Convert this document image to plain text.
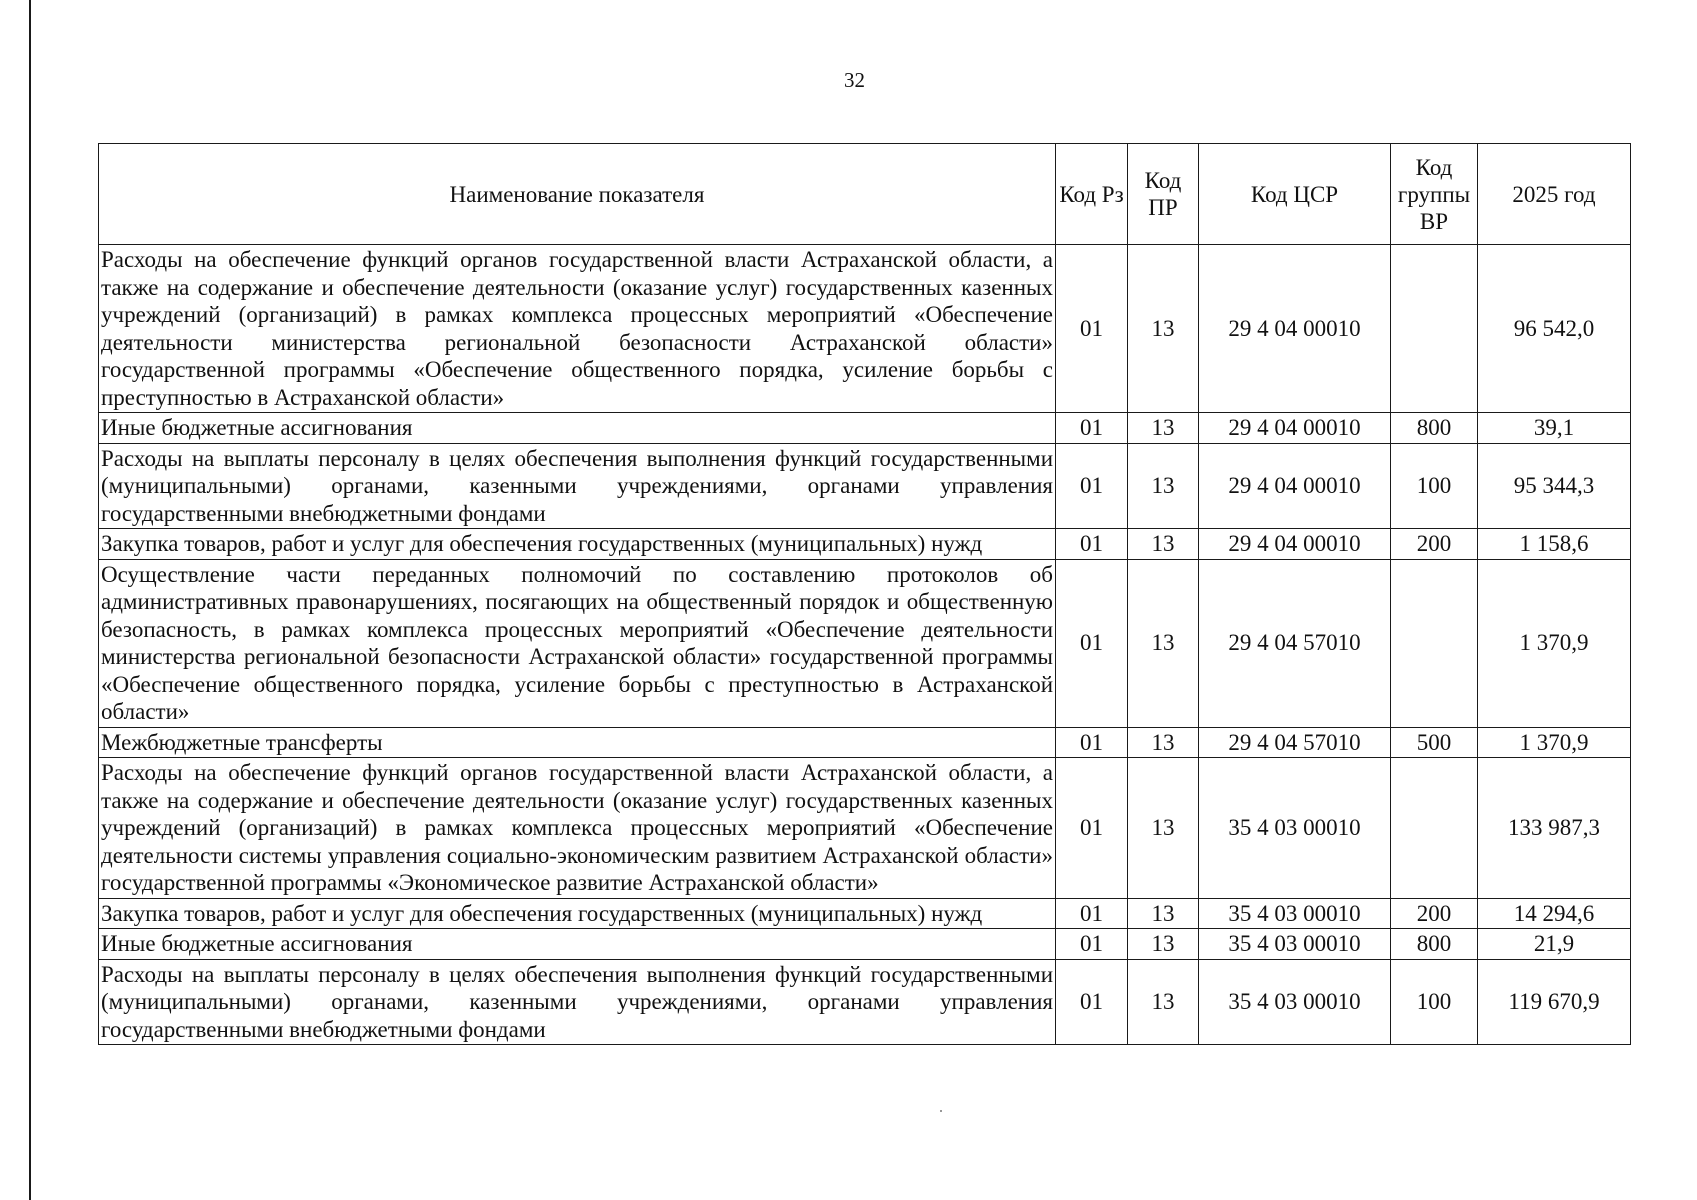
32
Наименование показателя	Код Рз	Код ПР	Код ЦСР	Код группы ВР	2025 год
Расходы на обеспечение функций органов государственной власти Астраханской области, а также на содержание и обеспечение деятельности (оказание услуг) государственных казенных учреждений (организаций) в рамках комплекса процессных мероприятий «Обеспечение деятельности министерства региональной безопасности Астраханской области» государственной программы «Обеспечение общественного порядка, усиление борьбы с преступностью в Астраханской области»	01	13	29 4 04 00010		96 542,0
Иные бюджетные ассигнования	01	13	29 4 04 00010	800	39,1
Расходы на выплаты персоналу в целях обеспечения выполнения функций государственными (муниципальными) органами, казенными учреждениями, органами управления государственными внебюджетными фондами	01	13	29 4 04 00010	100	95 344,3
Закупка товаров, работ и услуг для обеспечения государственных (муниципальных) нужд	01	13	29 4 04 00010	200	1 158,6
Осуществление части переданных полномочий по составлению протоколов об административных правонарушениях, посягающих на общественный порядок и общественную безопасность, в рамках комплекса процессных мероприятий «Обеспечение деятельности министерства региональной безопасности Астраханской области» государственной программы «Обеспечение общественного порядка, усиление борьбы с преступностью в Астраханской области»	01	13	29 4 04 57010		1 370,9
Межбюджетные трансферты	01	13	29 4 04 57010	500	1 370,9
Расходы на обеспечение функций органов государственной власти Астраханской области, а также на содержание и обеспечение деятельности (оказание услуг) государственных казенных учреждений (организаций) в рамках комплекса процессных мероприятий «Обеспечение деятельности системы управления социально-экономическим развитием Астраханской области» государственной программы «Экономическое развитие Астраханской области»	01	13	35 4 03 00010		133 987,3
Закупка товаров, работ и услуг для обеспечения государственных (муниципальных) нужд	01	13	35 4 03 00010	200	14 294,6
Иные бюджетные ассигнования	01	13	35 4 03 00010	800	21,9
Расходы на выплаты персоналу в целях обеспечения выполнения функций государственными (муниципальными) органами, казенными учреждениями, органами управления государственными внебюджетными фондами	01	13	35 4 03 00010	100	119 670,9
